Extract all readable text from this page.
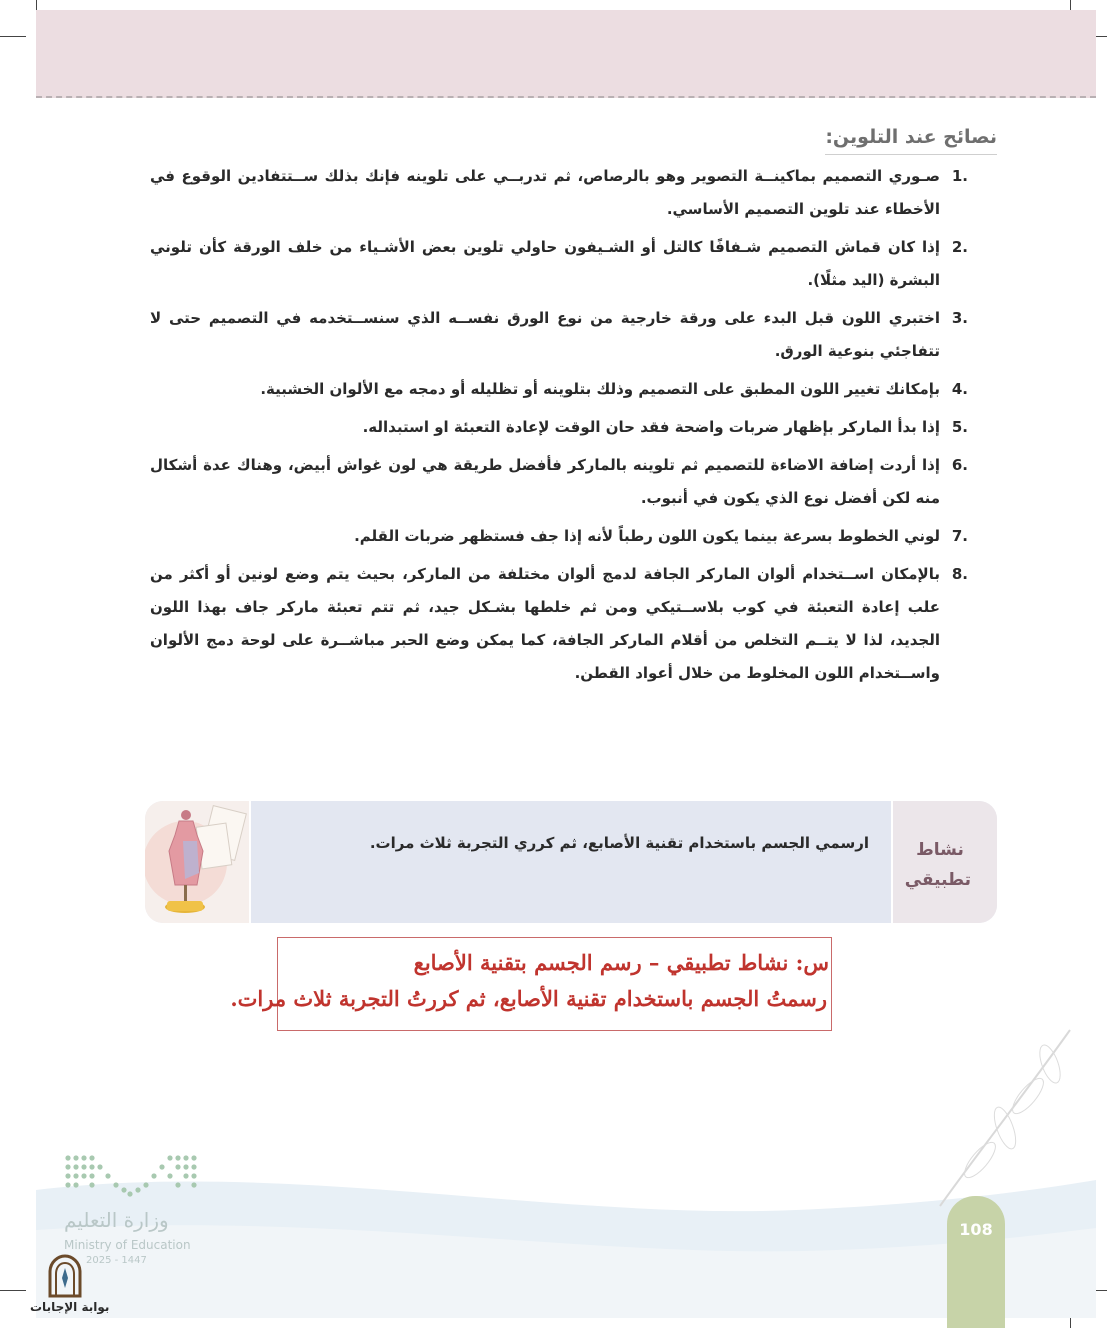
نصائح عند التلوين:
.1
صـوري التصميم بماكينــة التصوير وهو بالرصاص، ثم تدربــي على تلوينه فإنك بذلك ســتتفادين الوقوع في الأخطاء عند تلوين التصميم الأساسي.
.2
إذا كان قماش التصميم شـفافًا كالتل أو الشـيفون حاولي تلوين بعض الأشـياء من خلف الورقة كأن تلوني البشرة (اليد مثلًا).
.3
اختبري اللون قبل البدء على ورقة خارجية من نوع الورق نفســه الذي سنســتخدمه في التصميم حتى لا تتفاجئي بنوعية الورق.
.4
بإمكانك تغيير اللون المطبق على التصميم وذلك بتلوينه أو تظليله أو دمجه مع الألوان الخشبية.
.5
إذا بدأ الماركر بإظهار ضربات واضحة فقد حان الوقت لإعادة التعبئة او استبداله.
.6
إذا أردت إضافة الاضاءة للتصميم ثم تلوينه بالماركر فأفضل طريقة هي لون غواش أبيض، وهناك عدة أشكال منه لكن أفضل نوع الذي يكون في أنبوب.
.7
لوني الخطوط بسرعة بينما يكون اللون رطباً لأنه إذا جف فستظهر ضربات القلم.
.8
بالإمكان اســتخدام ألوان الماركر الجافة لدمج ألوان مختلفة من الماركر، بحيث يتم وضع لونين أو أكثر من علب إعادة التعبئة في كوب بلاســتيكي ومن ثم خلطها بشـكل جيد، ثم تتم تعبئة ماركر جاف بهذا اللون الجديد، لذا لا يتــم التخلص من أقلام الماركر الجافة، كما يمكن وضع الحبر مباشــرة على لوحة دمج الألوان واســتخدام اللون المخلوط من خلال أعواد القطن.
ارسمي الجسم باستخدام تقنية الأصابع، ثم كرري التجربة ثلاث مرات.	نشاط
تطبيقي
س: نشاط تطبيقي – رسم الجسم بتقنية الأصابع
رسمتُ الجسم باستخدام تقنية الأصابع، ثم كررتُ التجربة ثلاث مرات.
وزارة التعليم
Ministry of Education
2025 - 1447
بوابة الإجابات
108
